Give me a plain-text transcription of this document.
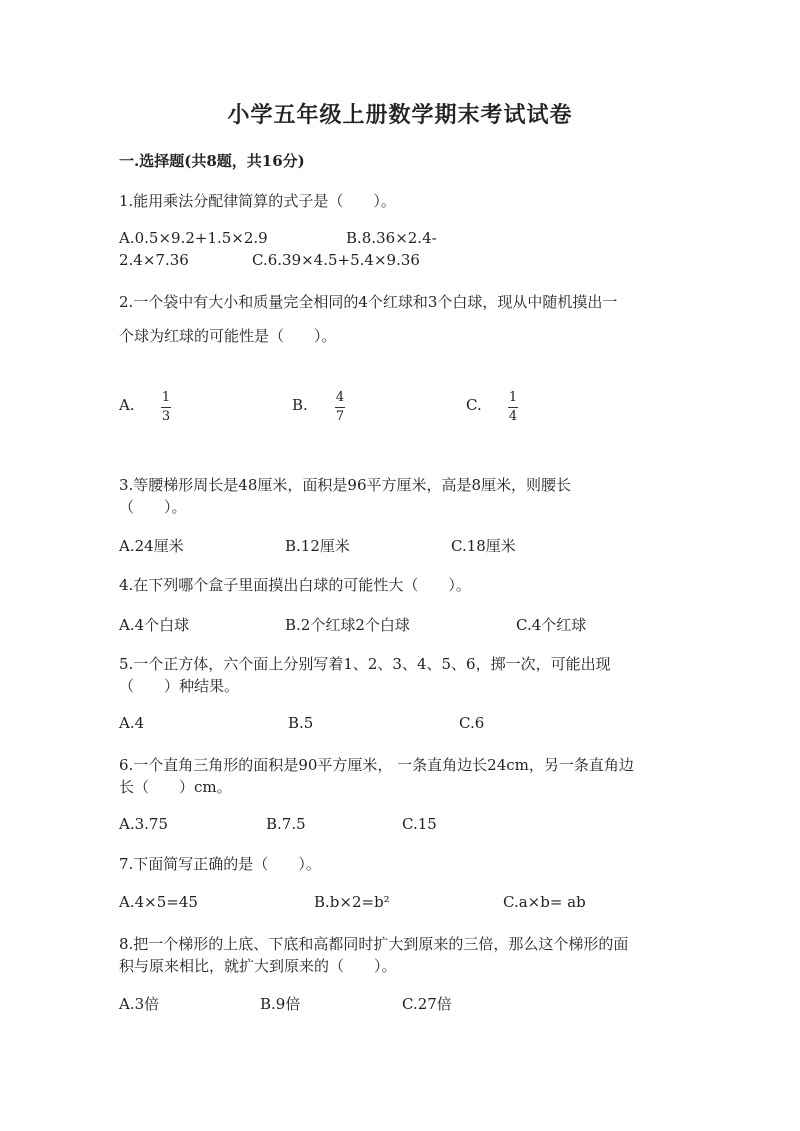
小学五年级上册数学期末考试试卷
一.选择题(共8题，共16分)
1.能用乘法分配律简算的式子是（　　）。
A.0.5×9.2+1.5×2.9	B.8.36×2.4-
2.4×7.36	C.6.39×4.5+5.4×9.36
2.一个袋中有大小和质量完全相同的4个红球和3个白球，现从中随机摸出一
个球为红球的可能性是（　　）。
A. 1
3
B. 4
7
C. 1
4
3.等腰梯形周长是48厘米，面积是96平方厘米，高是8厘米，则腰长
（　　）。
A.24厘米	B.12厘米	C.18厘米
4.在下列哪个盒子里面摸出白球的可能性大（　　）。
A.4个白球	B.2个红球2个白球	C.4个红球
5.一个正方体，六个面上分别写着1、2、3、4、5、6，掷一次，可能出现
（　　）种结果。
A.4	B.5	C.6
6.一个直角三角形的面积是90平方厘米， 一条直角边长24cm，另一条直角边
长（　　）cm。
A.3.75	B.7.5	C.15
7.下面简写正确的是（　　）。
A.4×5=45	B.b×2=b²	C.a×b= ab
8.把一个梯形的上底、下底和高都同时扩大到原来的三倍，那么这个梯形的面
积与原来相比，就扩大到原来的（　　）。
A.3倍	B.9倍	C.27倍
